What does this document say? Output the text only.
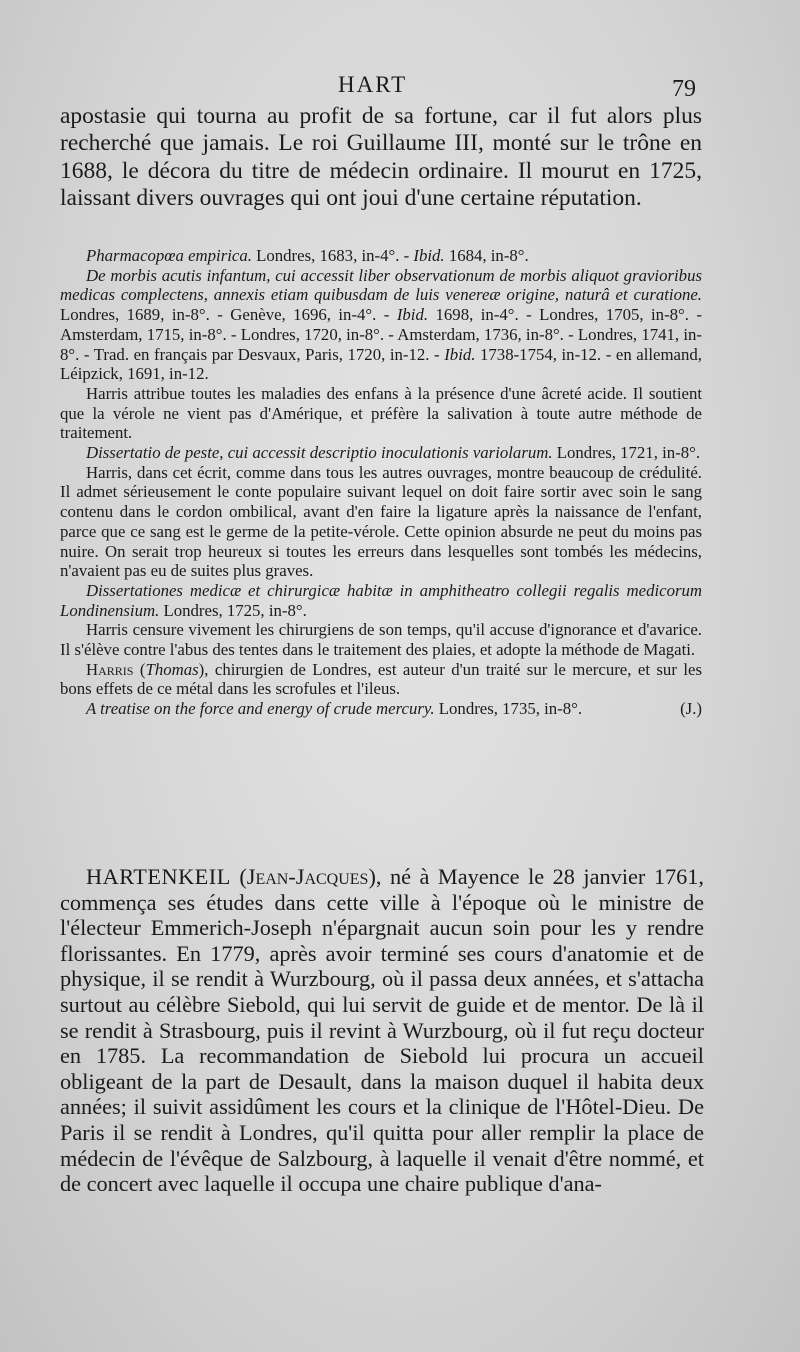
HART	79

apostasie qui tourna au profit de sa fortune, car il fut alors plus recherché que jamais. Le roi Guillaume III, monté sur le trône en 1688, le décora du titre de médecin ordinaire. Il mourut en 1725, laissant divers ouvrages qui ont joui d'une certaine réputation.

Pharmacopœa empirica. Londres, 1683, in-4°. - Ibid. 1684, in-8°.

De morbis acutis infantum, cui accessit liber observationum de morbis aliquot gravioribus medicas complectens, annexis etiam quibusdam de luis venereæ origine, naturâ et curatione. Londres, 1689, in-8°. - Genève, 1696, in-4°. - Ibid. 1698, in-4°. - Londres, 1705, in-8°. - Amsterdam, 1715, in-8°. - Londres, 1720, in-8°. - Amsterdam, 1736, in-8°. - Londres, 1741, in-8°. - Trad. en français par Desvaux, Paris, 1720, in-12. - Ibid. 1738-1754, in-12. - en allemand, Léipzick, 1691, in-12.

Harris attribue toutes les maladies des enfans à la présence d'une âcreté acide. Il soutient que la vérole ne vient pas d'Amérique, et préfère la salivation à toute autre méthode de traitement.

Dissertatio de peste, cui accessit descriptio inoculationis variolarum. Londres, 1721, in-8°.

Harris, dans cet écrit, comme dans tous les autres ouvrages, montre beaucoup de crédulité. Il admet sérieusement le conte populaire suivant lequel on doit faire sortir avec soin le sang contenu dans le cordon ombilical, avant d'en faire la ligature après la naissance de l'enfant, parce que ce sang est le germe de la petite-vérole. Cette opinion absurde ne peut du moins pas nuire. On serait trop heureux si toutes les erreurs dans lesquelles sont tombés les médecins, n'avaient pas eu de suites plus graves.

Dissertationes medicæ et chirurgicæ habitæ in amphitheatro collegii regalis medicorum Londinensium. Londres, 1725, in-8°.

Harris censure vivement les chirurgiens de son temps, qu'il accuse d'ignorance et d'avarice. Il s'élève contre l'abus des tentes dans le traitement des plaies, et adopte la méthode de Magati.

Harris (Thomas), chirurgien de Londres, est auteur d'un traité sur le mercure, et sur les bons effets de ce métal dans les scrofules et l'ileus.

A treatise on the force and energy of crude mercury. Londres, 1735, in-8°.	(J.)

HARTENKEIL (Jean-Jacques), né à Mayence le 28 janvier 1761, commença ses études dans cette ville à l'époque où le ministre de l'électeur Emmerich-Joseph n'épargnait aucun soin pour les y rendre florissantes. En 1779, après avoir terminé ses cours d'anatomie et de physique, il se rendit à Wurzbourg, où il passa deux années, et s'attacha surtout au célèbre Siebold, qui lui servit de guide et de mentor. De là il se rendit à Strasbourg, puis il revint à Wurzbourg, où il fut reçu docteur en 1785. La recommandation de Siebold lui procura un accueil obligeant de la part de Desault, dans la maison duquel il habita deux années; il suivit assidûment les cours et la clinique de l'Hôtel-Dieu. De Paris il se rendit à Londres, qu'il quitta pour aller remplir la place de médecin de l'évêque de Salzbourg, à laquelle il venait d'être nommé, et de concert avec laquelle il occupa une chaire publique d'ana-
